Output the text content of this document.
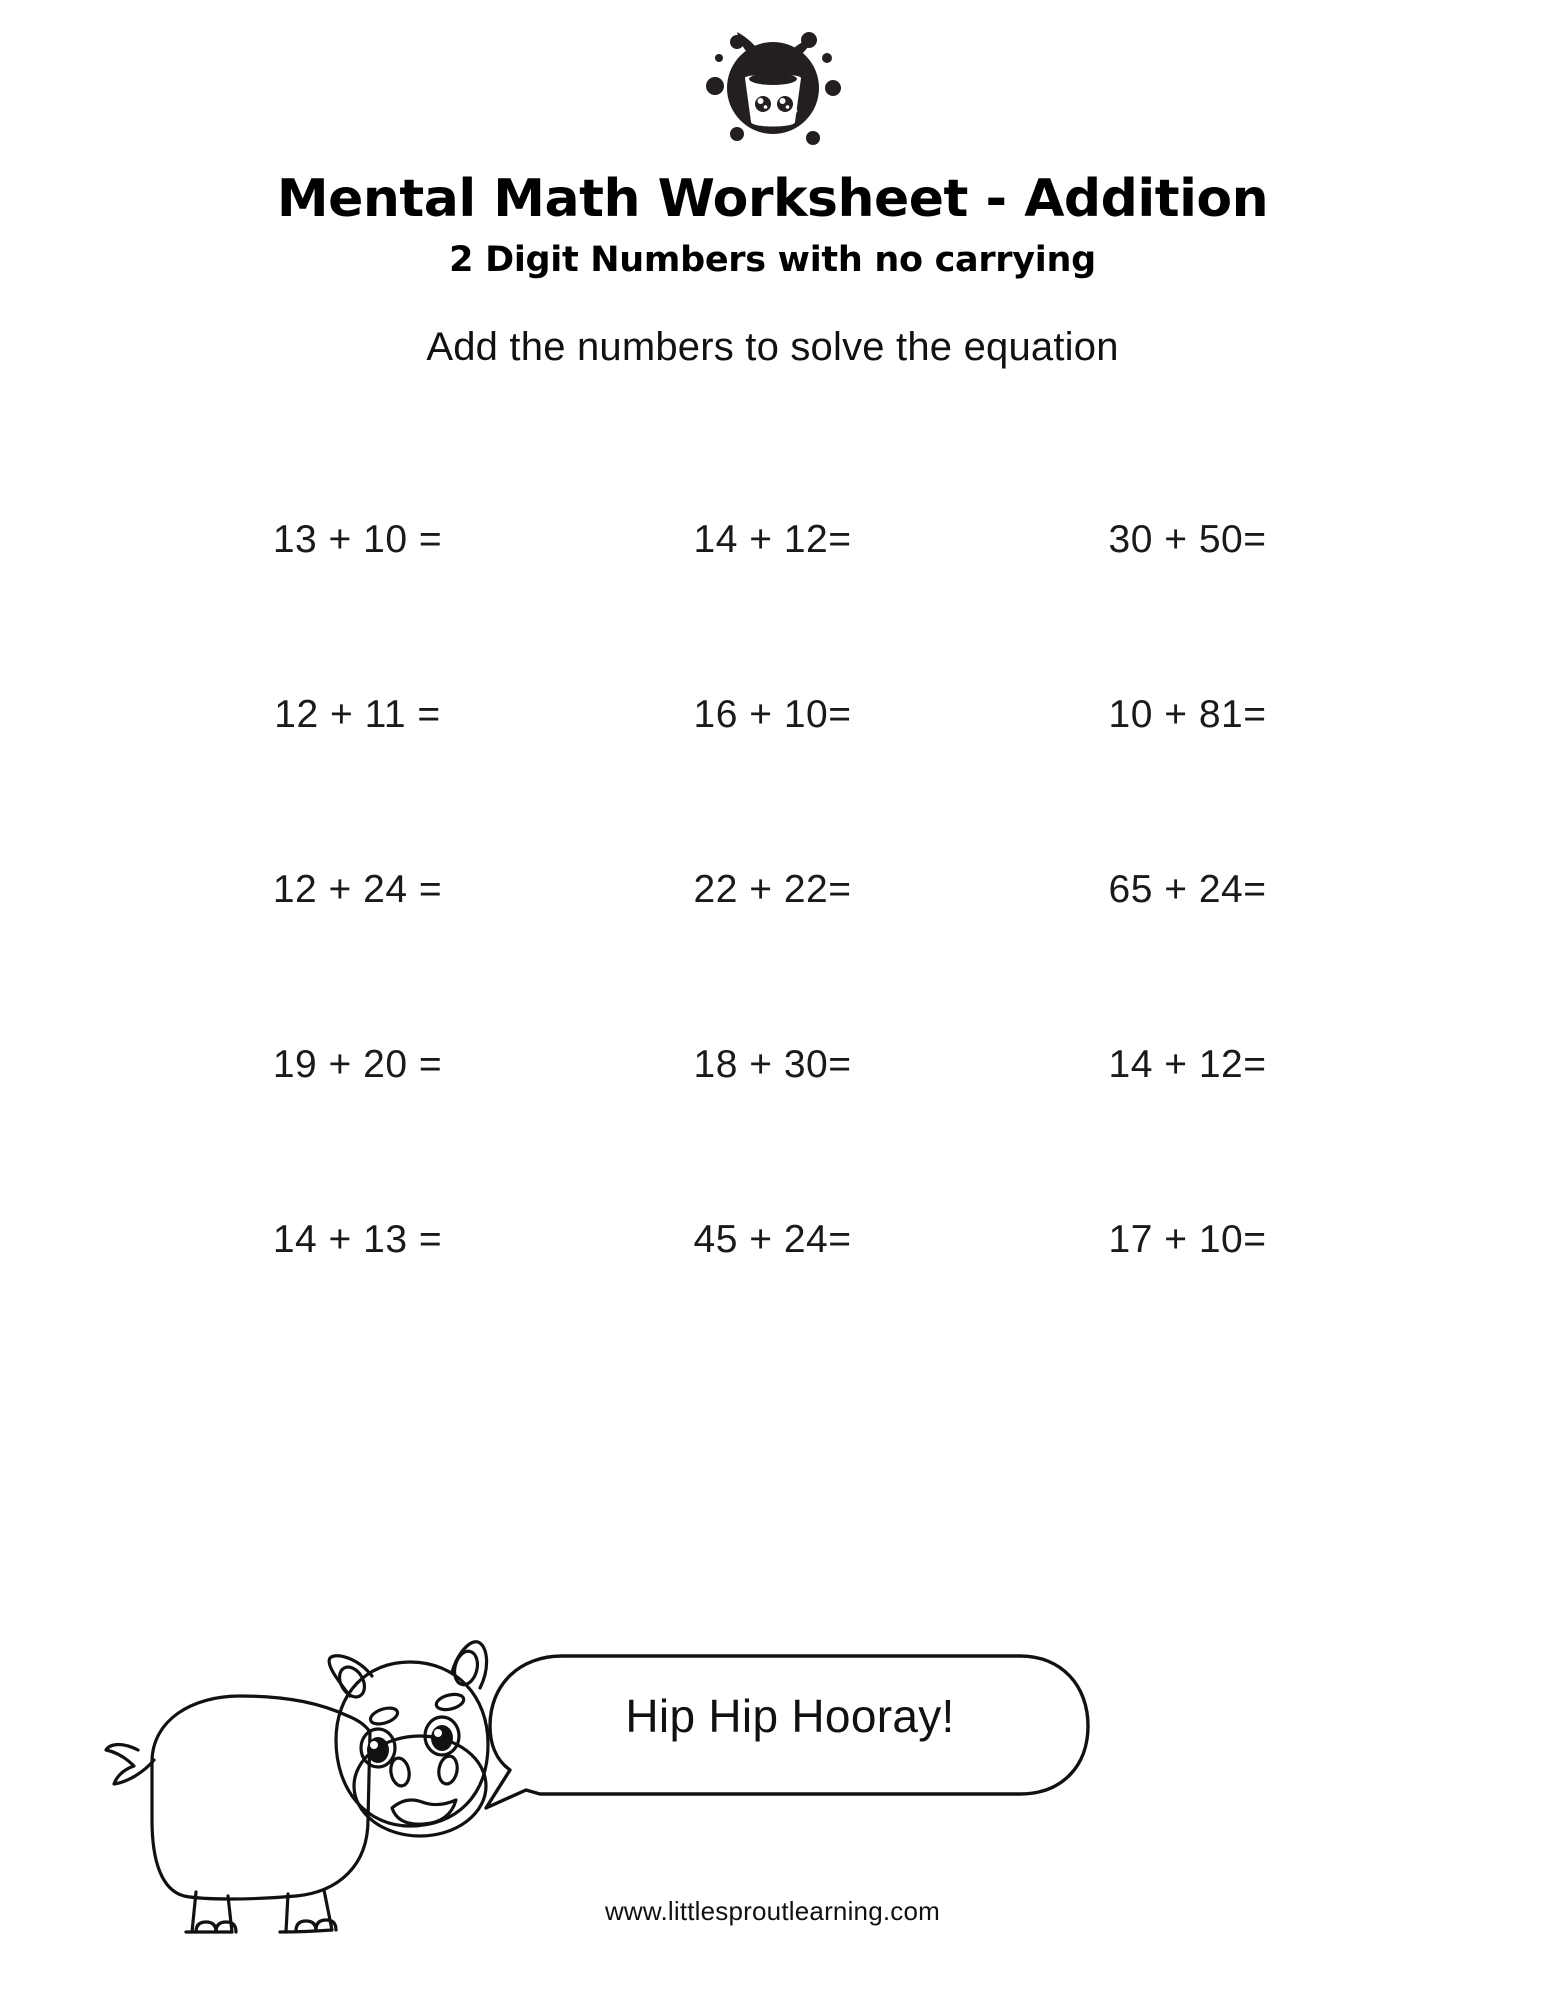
Mental Math Worksheet - Addition
2 Digit Numbers with no carrying
Add the numbers to solve the equation
13 + 10 =	14 + 12=	30 + 50=
12 + 11 =	16 + 10=	10 + 81=
12 + 24 =	22 + 22=	65 + 24=
19 + 20 =	18 + 30=	14 + 12=
14 + 13 =	45 + 24=	17 + 10=
Hip Hip Hooray!
www.littlesproutlearning.com
